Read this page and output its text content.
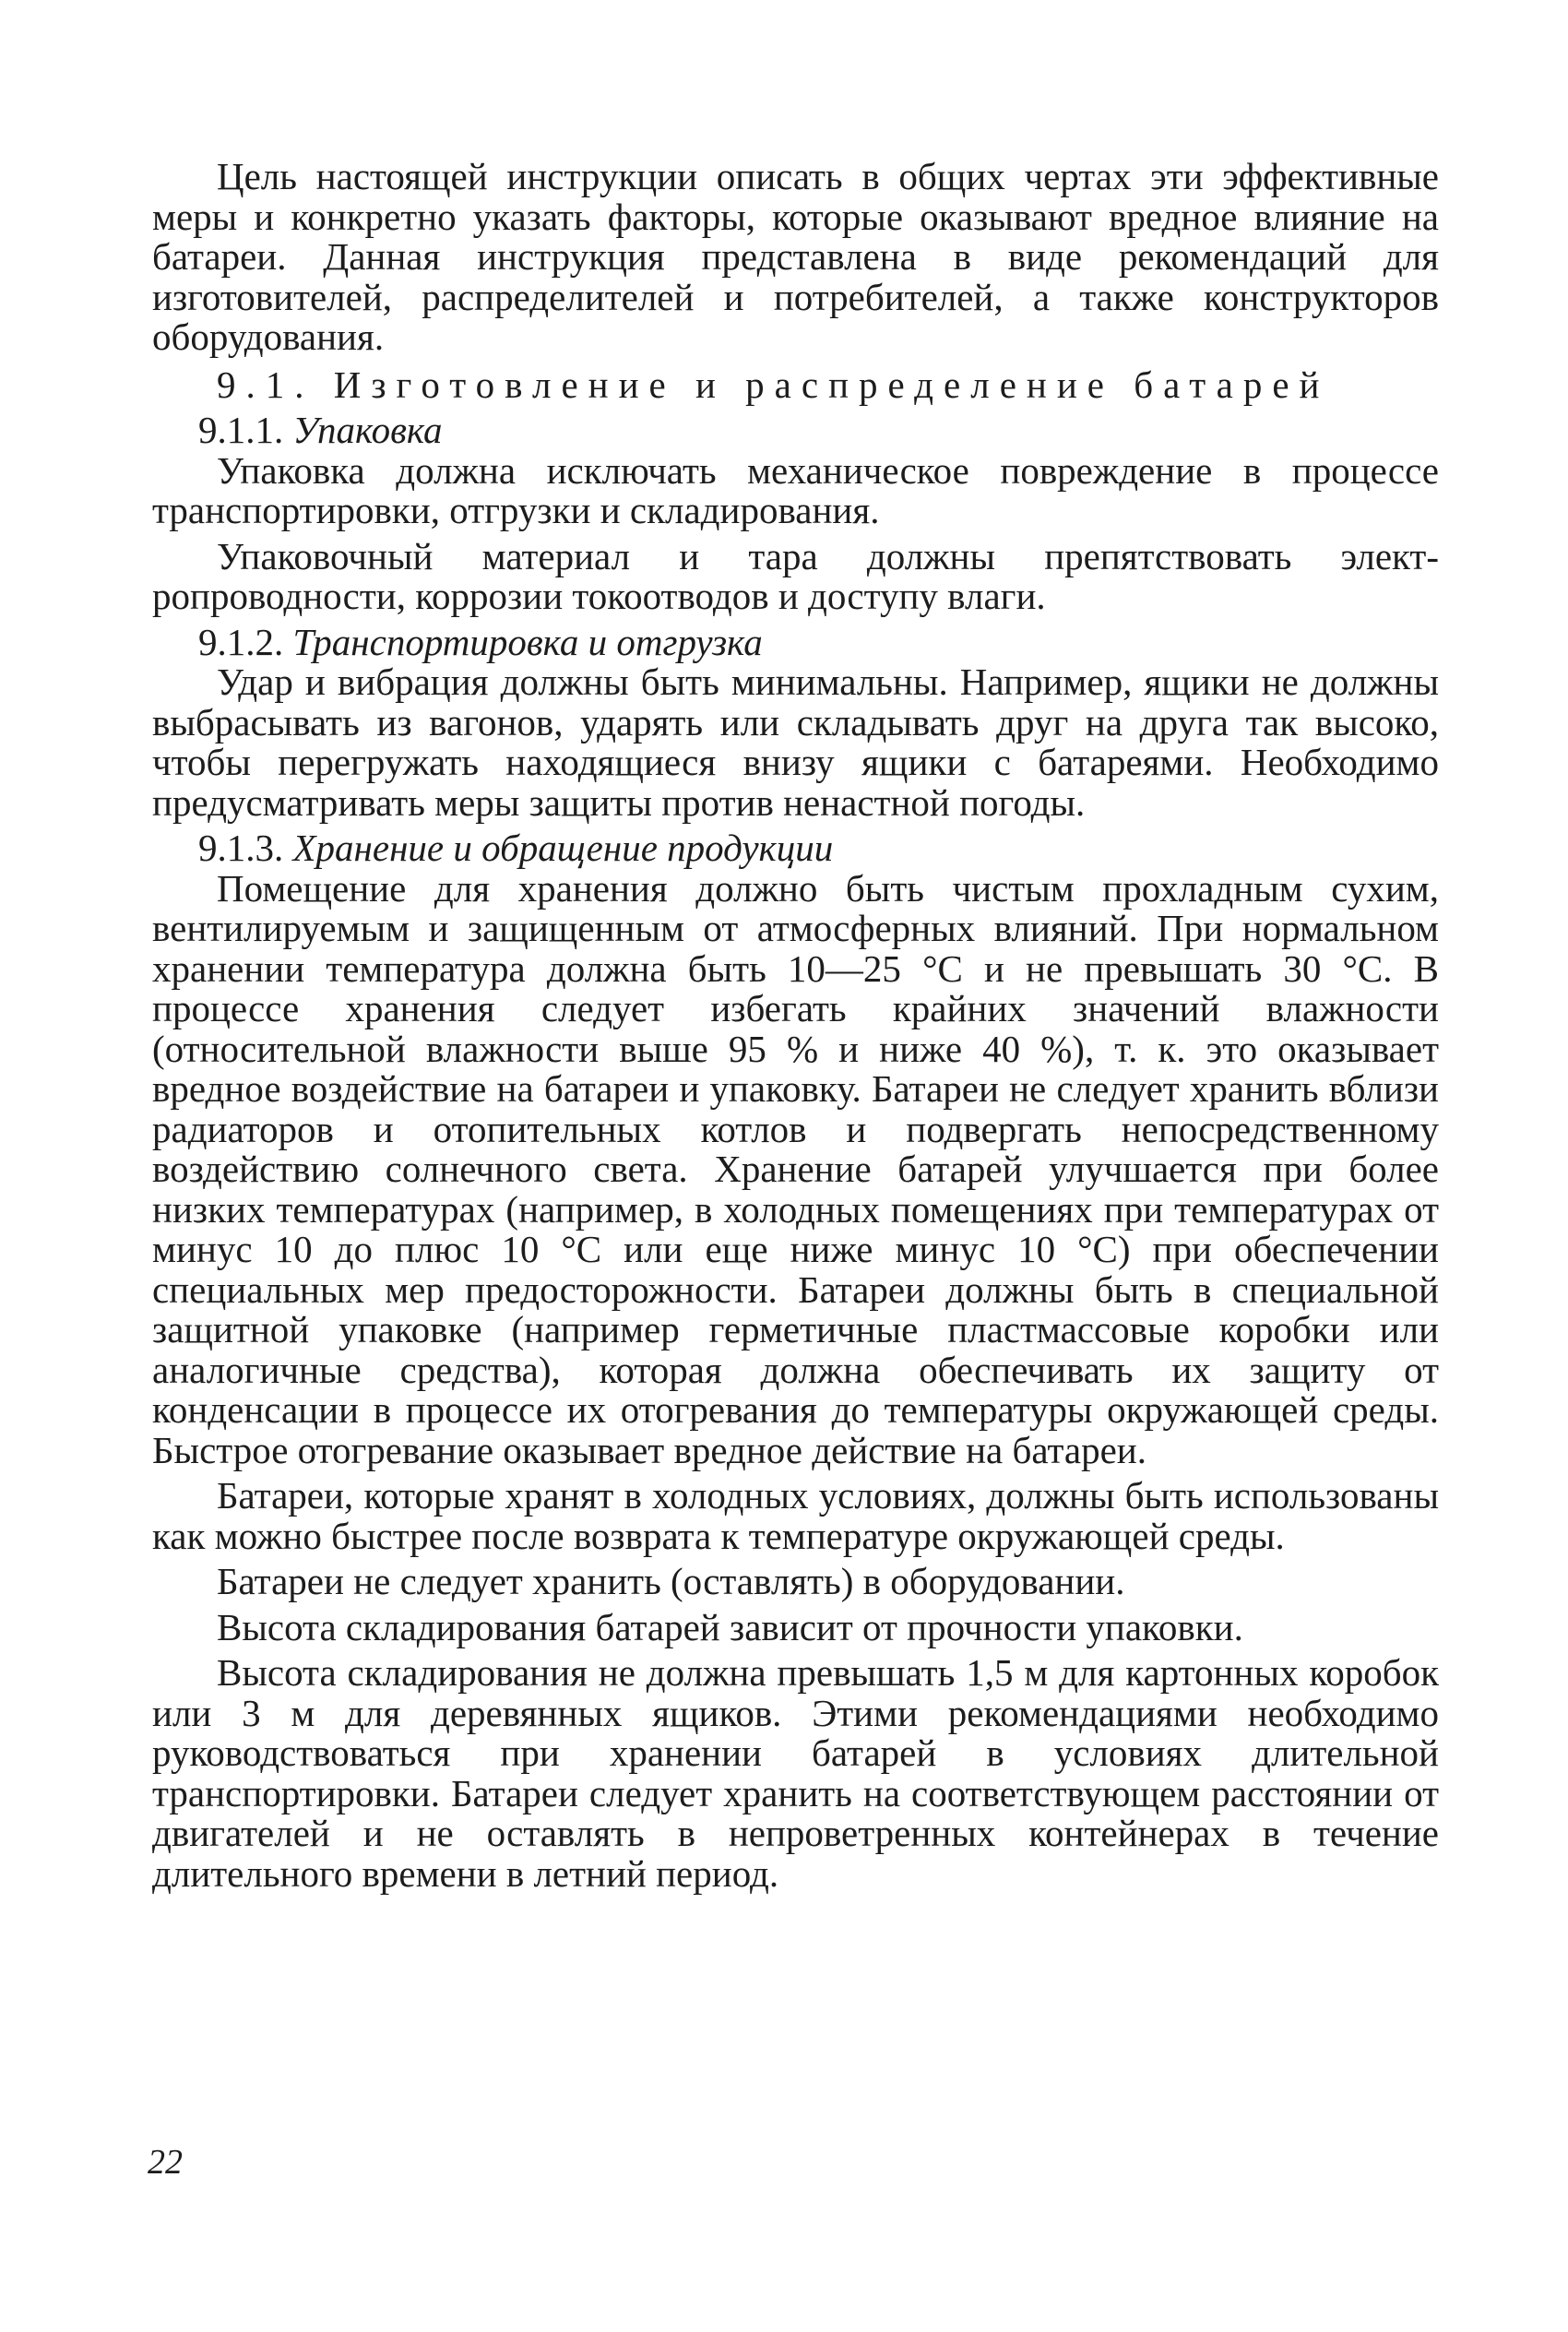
Цель настоящей инструкции описать в общих чертах эти эффективные меры и конкретно указать факторы, которые оказывают вредное влияние на батареи. Данная инструкция представлена в виде рекомендаций для изготовителей, распределителей и потребителей, а также конструкторов оборудования.

9.1. Изготовление и распределение батарей
9.1.1. Упаковка

Упаковка должна исключать механическое повреждение в процессе транспортировки, отгрузки и складирования.

Упаковочный материал и тара должны препятствовать электропроводности, коррозии токоотводов и доступу влаги.

9.1.2. Транспортировка и отгрузка

Удар и вибрация должны быть минимальны. Например, ящики не должны выбрасывать из вагонов, ударять или складывать друг на друга так высоко, чтобы перегружать находящиеся внизу ящики с батареями. Необходимо предусматривать меры защиты против ненастной погоды.

9.1.3. Хранение и обращение продукции

Помещение для хранения должно быть чистым прохладным сухим, вентилируемым и защищенным от атмосферных влияний. При нормальном хранении температура должна быть 10—25 °С и не превышать 30 °С. В процессе хранения следует избегать крайних значений влажности (относительной влажности выше 95 % и ниже 40 %), т. к. это оказывает вредное воздействие на батареи и упаковку. Батареи не следует хранить вблизи радиаторов и отопительных котлов и подвергать непосредственному воздействию солнечного света. Хранение батарей улучшается при более низких температурах (например, в холодных помещениях при температурах от минус 10 до плюс 10 °С или еще ниже минус 10 °С) при обеспечении специальных мер предосторожности. Батареи должны быть в специальной защитной упаковке (например герметичные пластмассовые коробки или аналогичные средства), которая должна обеспечивать их защиту от конденсации в процессе их отогревания до температуры окружающей среды. Быстрое отогревание оказывает вредное действие на батареи.

Батареи, которые хранят в холодных условиях, должны быть использованы как можно быстрее после возврата к температуре окружающей среды.

Батареи не следует хранить (оставлять) в оборудовании.

Высота складирования батарей зависит от прочности упаковки.

Высота складирования не должна превышать 1,5 м для картонных коробок или 3 м для деревянных ящиков. Этими рекомендациями необходимо руководствоваться при хранении батарей в условиях длительной транспортировки. Батареи следует хранить на соответствующем расстоянии от двигателей и не оставлять в непроветренных контейнерах в течение длительного времени в летний период.

22
